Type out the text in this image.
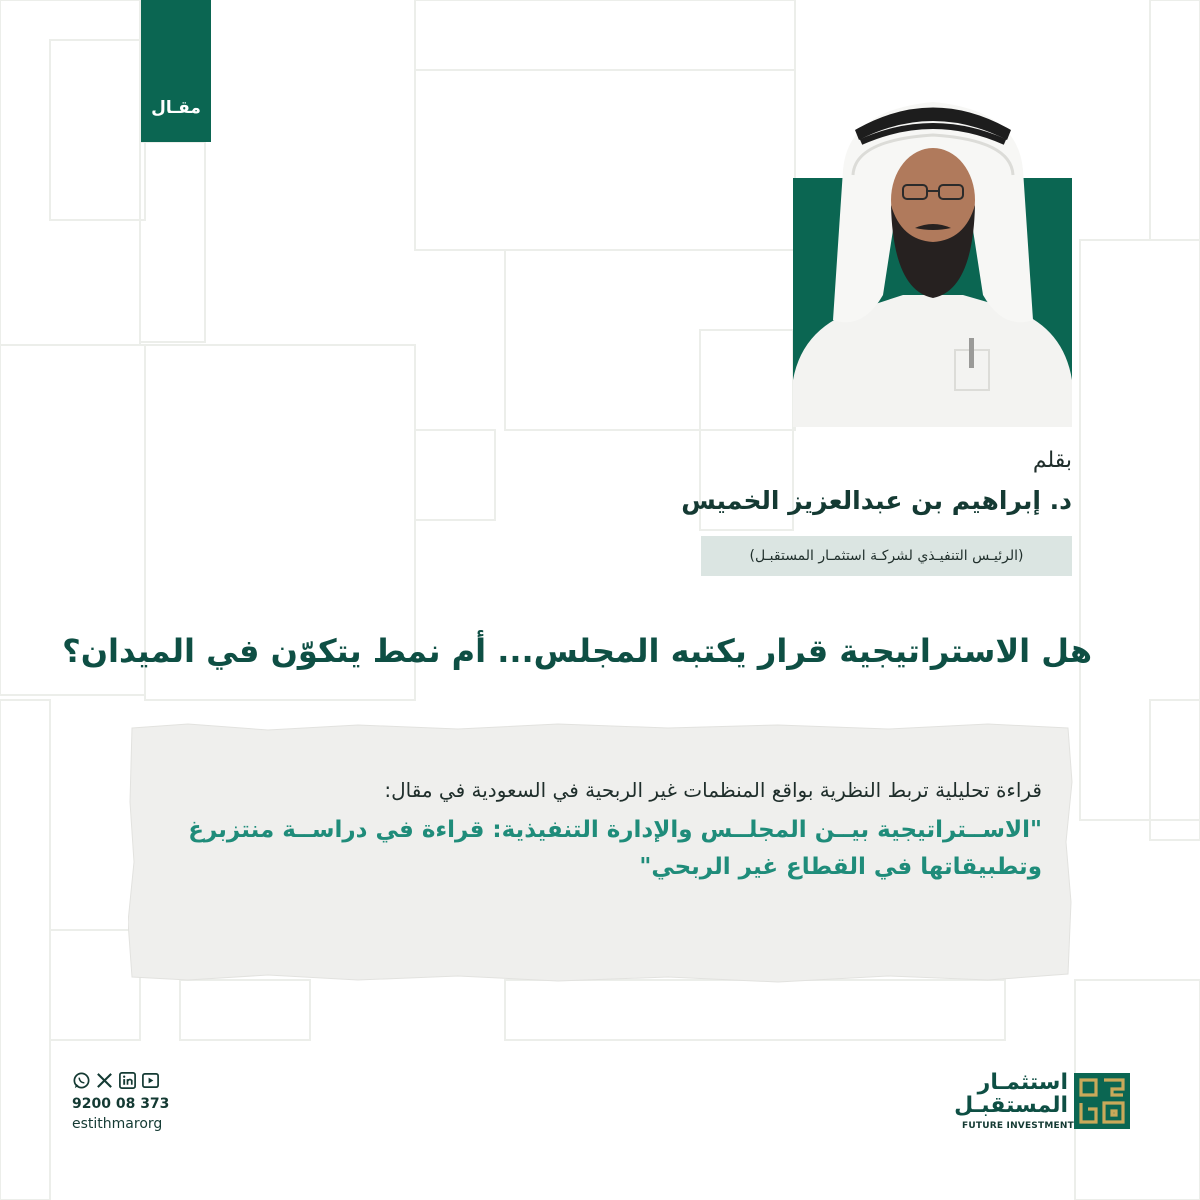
مقـال
بقلم
د. إبراهيم بن عبدالعزيز الخميس
(الرئيـس التنفيـذي لشركـة استثمـار المستقبـل)
هل الاستراتيجية قرار يكتبه المجلس... أم نمط يتكوّن في الميدان؟

قراءة تحليلية تربط النظرية بواقع المنظمات غير الربحية في السعودية في مقال:

"الاســتراتيجية بيــن المجلــس والإدارة التنفيذية: قراءة في دراســة منتزبرغ
وتطبيقاتها في القطاع غير الربحي"

9200 08 373
estithmarorg
استثمـار
المستقبـل
FUTURE INVESTMENT
